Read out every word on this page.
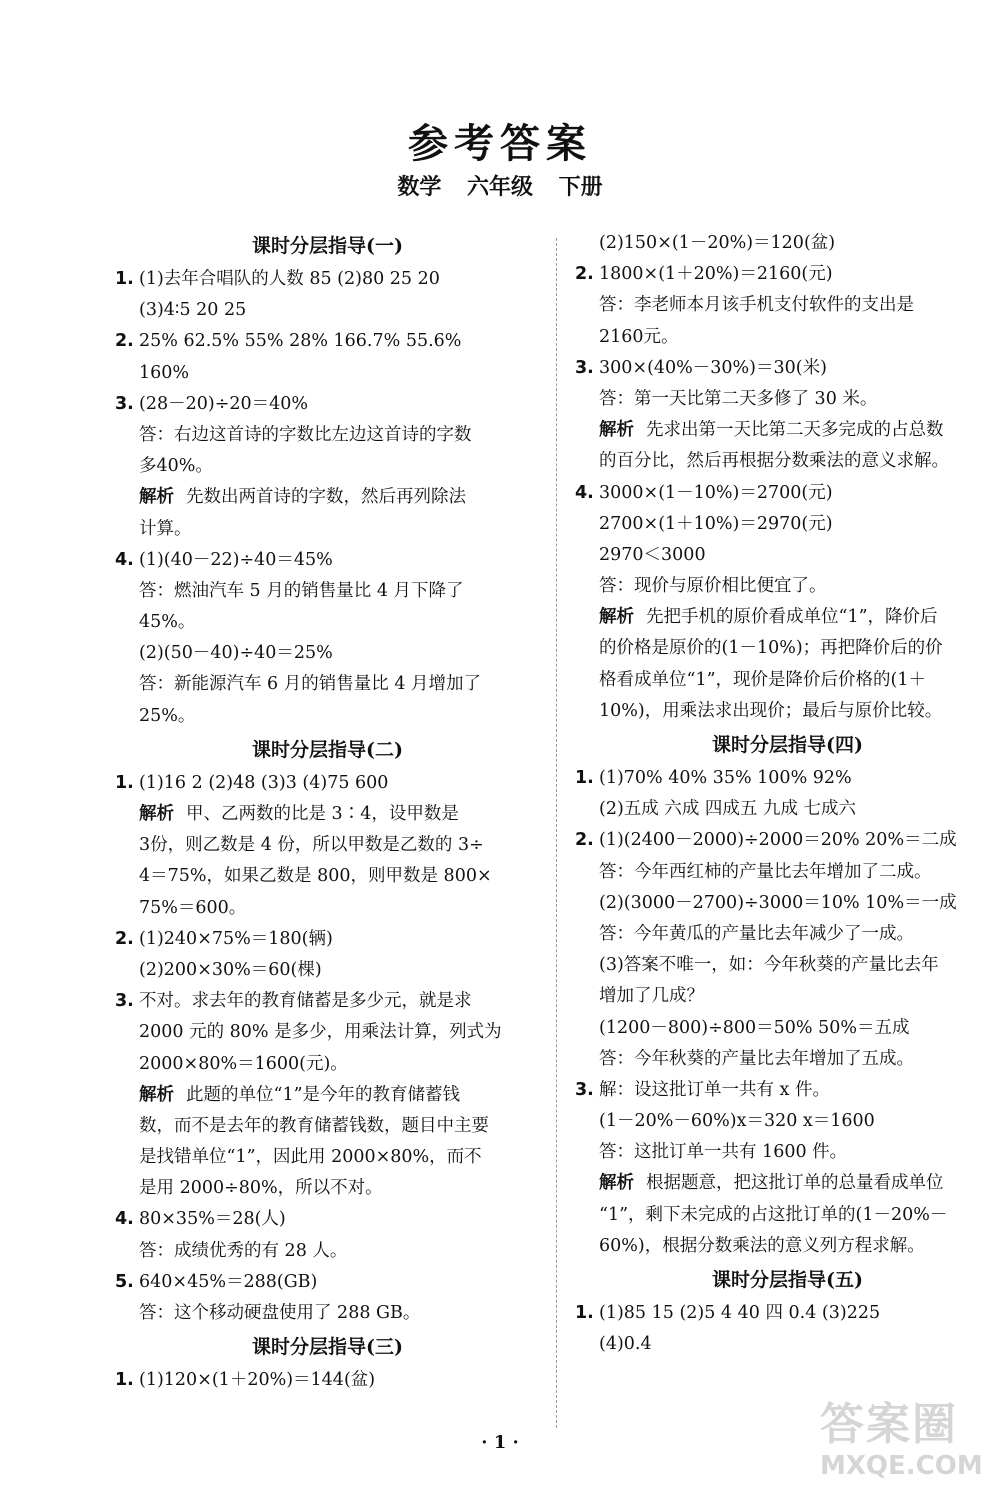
参考答案
数学 六年级 下册
课时分层指导(一)
1. (1)去年合唱队的人数 85 (2)80 25 20
(3)4∶5 20 25
2. 25% 62.5% 55% 28% 166.7% 55.6%
160%
3. (28－20)÷20＝40%
答：右边这首诗的字数比左边这首诗的字数
多40%。
解析 先数出两首诗的字数，然后再列除法
计算。
4. (1)(40－22)÷40＝45%
答：燃油汽车 5 月的销售量比 4 月下降了
45%。
(2)(50－40)÷40＝25%
答：新能源汽车 6 月的销售量比 4 月增加了
25%。
课时分层指导(二)
1. (1)16 2 (2)48 (3)3 (4)75 600
解析 甲、乙两数的比是 3∶4，设甲数是
3份，则乙数是 4 份，所以甲数是乙数的 3÷
4＝75%，如果乙数是 800，则甲数是 800×
75%＝600。
2. (1)240×75%＝180(辆)
(2)200×30%＝60(棵)
3. 不对。求去年的教育储蓄是多少元，就是求
2000 元的 80% 是多少，用乘法计算，列式为
2000×80%＝1600(元)。
解析 此题的单位“1”是今年的教育储蓄钱
数，而不是去年的教育储蓄钱数，题目中主要
是找错单位“1”，因此用 2000×80%，而不
是用 2000÷80%，所以不对。
4. 80×35%＝28(人)
答：成绩优秀的有 28 人。
5. 640×45%＝288(GB)
答：这个移动硬盘使用了 288 GB。
课时分层指导(三)
1. (1)120×(1＋20%)＝144(盆)
(2)150×(1－20%)＝120(盆)
2. 1800×(1＋20%)＝2160(元)
答：李老师本月该手机支付软件的支出是
2160元。
3. 300×(40%－30%)＝30(米)
答：第一天比第二天多修了 30 米。
解析 先求出第一天比第二天多完成的占总数
的百分比，然后再根据分数乘法的意义求解。
4. 3000×(1－10%)＝2700(元)
2700×(1＋10%)＝2970(元)
2970＜3000
答：现价与原价相比便宜了。
解析 先把手机的原价看成单位“1”，降价后
的价格是原价的(1－10%)；再把降价后的价
格看成单位“1”，现价是降价后价格的(1＋
10%)，用乘法求出现价；最后与原价比较。
课时分层指导(四)
1. (1)70% 40% 35% 100% 92%
(2)五成 六成 四成五 九成 七成六
2. (1)(2400－2000)÷2000＝20% 20%＝二成
答：今年西红柿的产量比去年增加了二成。
(2)(3000－2700)÷3000＝10% 10%＝一成
答：今年黄瓜的产量比去年减少了一成。
(3)答案不唯一，如：今年秋葵的产量比去年
增加了几成？
(1200－800)÷800＝50% 50%＝五成
答：今年秋葵的产量比去年增加了五成。
3. 解：设这批订单一共有 x 件。
(1－20%－60%)x＝320 x＝1600
答：这批订单一共有 1600 件。
解析 根据题意，把这批订单的总量看成单位
“1”，剩下未完成的占这批订单的(1－20%－
60%)，根据分数乘法的意义列方程求解。
课时分层指导(五)
1. (1)85 15 (2)5 4 40 四 0.4 (3)225
(4)0.4
· 1 ·	答案圈
MXQE.COM
